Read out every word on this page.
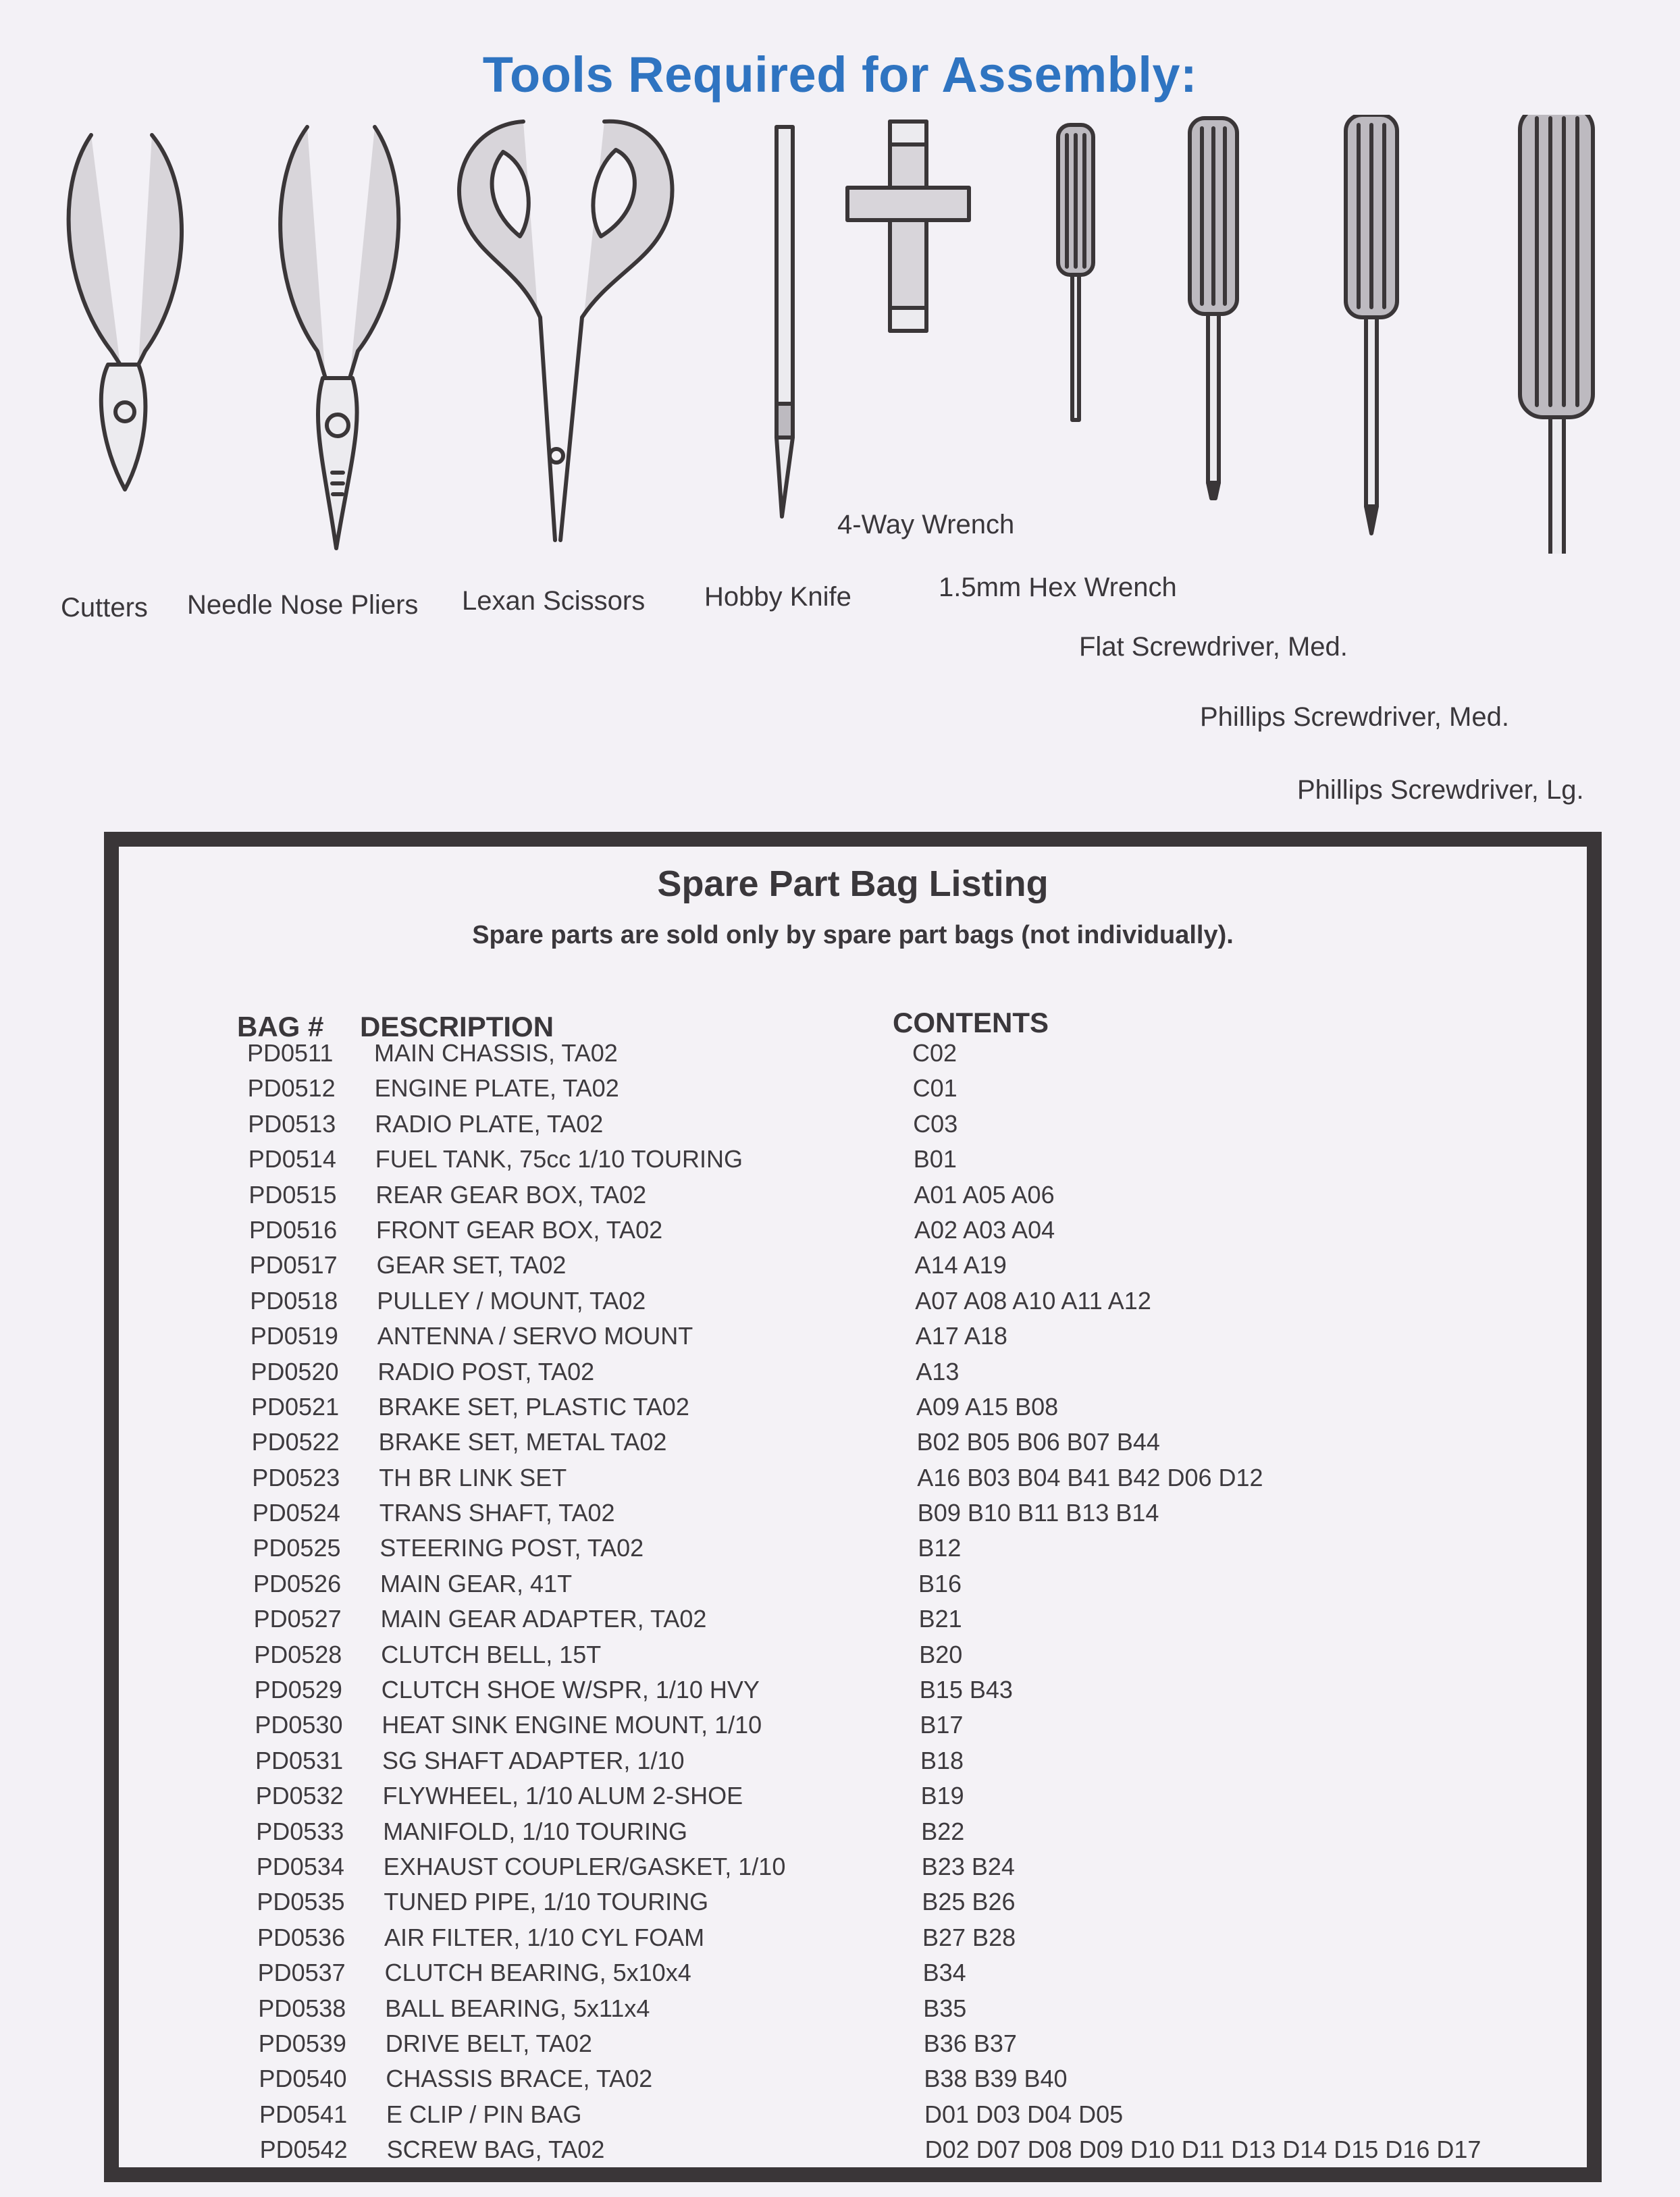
Tools Required for Assembly:
Cutters Needle Nose Pliers Lexan Scissors Hobby Knife
4-Way Wrench
1.5mm Hex Wrench
Flat Screwdriver, Med.
Phillips Screwdriver, Med.
Phillips Screwdriver, Lg.
Spare Part Bag Listing
Spare parts are sold only by spare part bags (not individually).
BAG # DESCRIPTION	CONTENTS
PD0511 MAIN CHASSIS, TA02	C02
PD0512 ENGINE PLATE, TA02	C01
PD0513 RADIO PLATE, TA02	C03
PD0514 FUEL TANK, 75cc 1/10 TOURING	B01
PD0515 REAR GEAR BOX, TA02	A01 A05 A06
PD0516 FRONT GEAR BOX, TA02	A02 A03 A04
PD0517 GEAR SET, TA02	A14 A19
PD0518 PULLEY / MOUNT, TA02	A07 A08 A10 A11 A12
PD0519 ANTENNA / SERVO MOUNT	A17 A18
PD0520 RADIO POST, TA02	A13
PD0521 BRAKE SET, PLASTIC TA02	A09 A15 B08
PD0522 BRAKE SET, METAL TA02	B02 B05 B06 B07 B44
PD0523 TH BR LINK SET	A16 B03 B04 B41 B42 D06 D12
PD0524 TRANS SHAFT, TA02	B09 B10 B11 B13 B14
PD0525 STEERING POST, TA02	B12
PD0526 MAIN GEAR, 41T	B16
PD0527 MAIN GEAR ADAPTER, TA02	B21
PD0528 CLUTCH BELL, 15T	B20
PD0529 CLUTCH SHOE W/SPR, 1/10 HVY	B15 B43
PD0530 HEAT SINK ENGINE MOUNT, 1/10	B17
PD0531 SG SHAFT ADAPTER, 1/10	B18
PD0532 FLYWHEEL, 1/10 ALUM 2-SHOE	B19
PD0533 MANIFOLD, 1/10 TOURING	B22
PD0534 EXHAUST COUPLER/GASKET, 1/10	B23 B24
PD0535 TUNED PIPE, 1/10 TOURING	B25 B26
PD0536 AIR FILTER, 1/10 CYL FOAM	B27 B28
PD0537 CLUTCH BEARING, 5x10x4	B34
PD0538 BALL BEARING, 5x11x4	B35
PD0539 DRIVE BELT, TA02	B36 B37
PD0540 CHASSIS BRACE, TA02	B38 B39 B40
PD0541 E CLIP / PIN BAG	D01 D03 D04 D05
PD0542 SCREW BAG, TA02	D02 D07 D08 D09 D10 D11 D13 D14 D15 D16 D17
